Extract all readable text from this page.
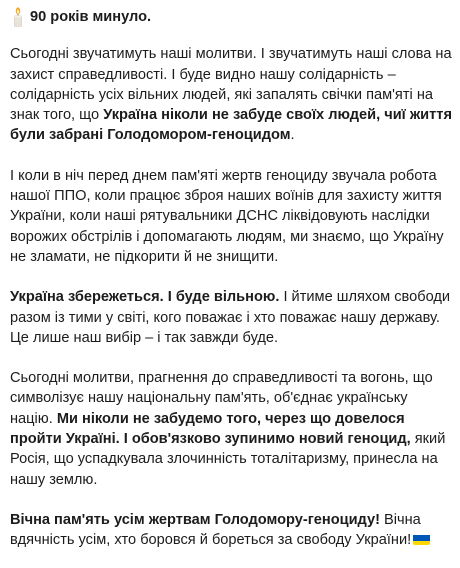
90 років минуло.

Сьогодні звучатимуть наші молитви. І звучатимуть наші слова на захист справедливості. І буде видно нашу солідарність – солідарність усіх вільних людей, які запалять свічки пам'яті на знак того, що Україна ніколи не забуде своїх людей, чиї життя були забрані Голодомором-геноцидом.

І коли в ніч перед днем пам'яті жертв геноциду звучала робота нашої ППО, коли працює зброя наших воїнів для захисту життя України, коли наші рятувальники ДСНС ліквідовують наслідки ворожих обстрілів і допомагають людям, ми знаємо, що Україну не зламати, не підкорити й не знищити.

Україна збережеться. І буде вільною. І йтиме шляхом свободи разом із тими у світі, кого поважає і хто поважає нашу державу. Це лише наш вибір – і так завжди буде.

Сьогодні молитви, прагнення до справедливості та вогонь, що символізує нашу національну пам'ять, об'єднає українську націю. Ми ніколи не забудемо того, через що довелося пройти Україні. І обов'язково зупинимо новий геноцид, який Росія, що успадкувала злочинність тоталітаризму, принесла на нашу землю.

Вічна пам'ять усім жертвам Голодомору-геноциду! Вічна вдячність усім, хто боровся й бореться за свободу України!
